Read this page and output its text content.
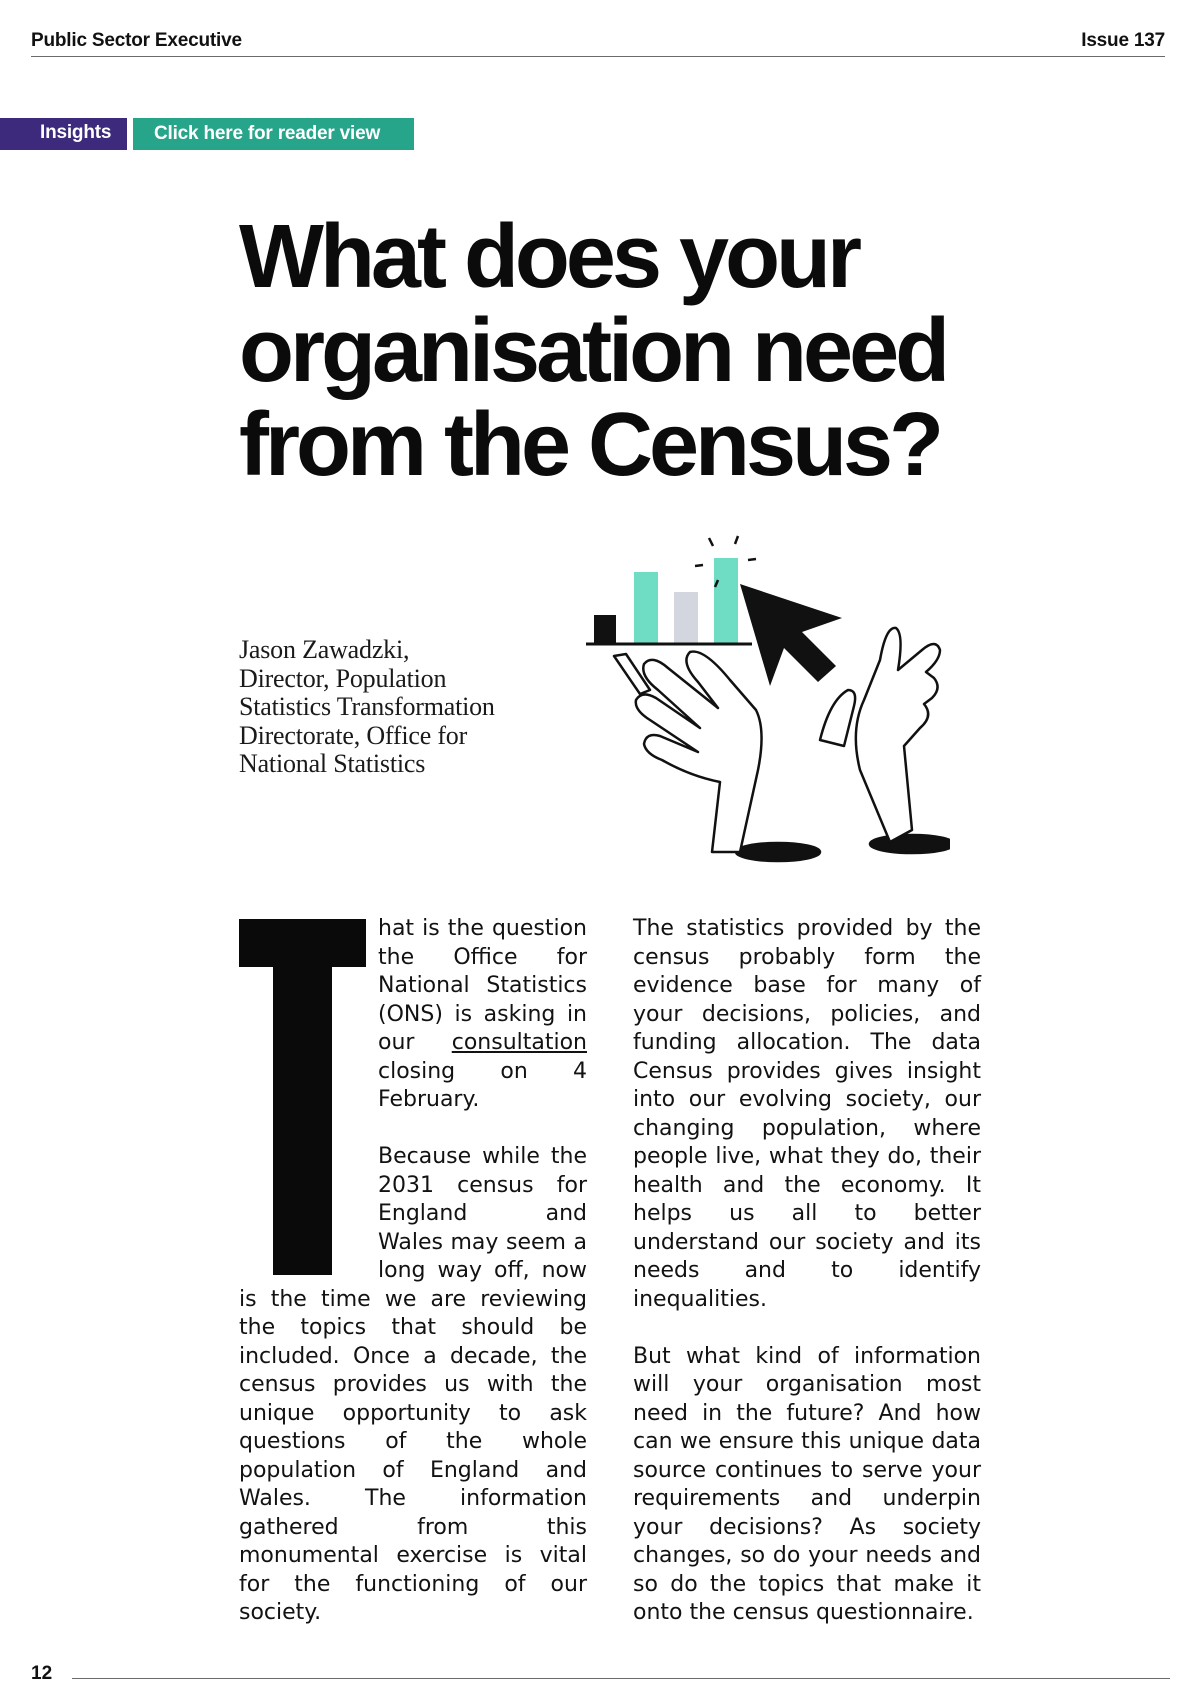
Public Sector Executive	Issue 137
Insights	Click here for reader view
What does your
organisation need
from the Census?
Jason Zawadzki,
Director, Population
Statistics Transformation
Directorate, Office for
National Statistics

hat is the question the Office for National Statistics (ONS) is asking in our consultation closing on 4 February.

Because while the 2031 census for England and Wales may seem a long way off, now is the time we are reviewing the topics that should be included. Once a decade, the census provides us with the unique opportunity to ask questions of the whole population of England and Wales. The information gathered from this monumental exercise is vital for the functioning of our society.

The statistics provided by the census probably form the evidence base for many of your decisions, policies, and funding allocation. The data Census provides gives insight into our evolving society, our changing population, where people live, what they do, their health and the economy. It helps us all to better understand our society and its needs and to identify inequalities.

But what kind of information will your organisation most need in the future? And how can we ensure this unique data source continues to serve your requirements and underpin your decisions? As society changes, so do your needs and so do the topics that make it onto the census questionnaire.

12
